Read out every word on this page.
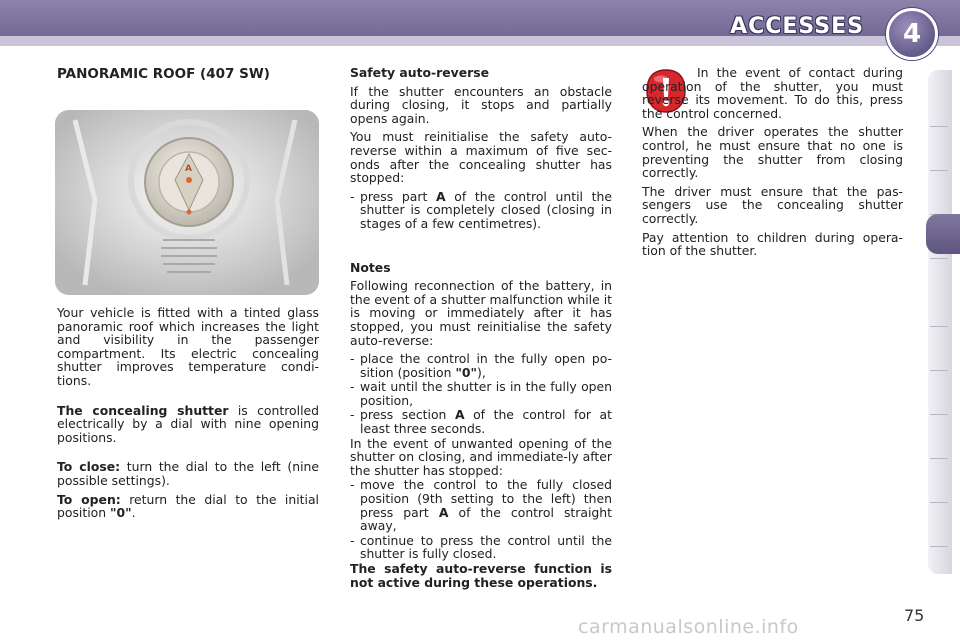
ACCESSES	4
PANORAMIC ROOF (407 SW)
A

Your vehicle is fitted with a tinted glass panoramic roof which increases the light and visibility in the passenger compartment. Its electric concealing shutter improves temperature condi-tions.

The concealing shutter is controlled electrically by a dial with nine opening positions.

To close: turn the dial to the left (nine possible settings).

To open: return the dial to the initial position "0".

Safety auto-reverse

If the shutter encounters an obstacle during closing, it stops and partially opens again.

You must reinitialise the safety auto-reverse within a maximum of five sec-onds after the concealing shutter has stopped:

- press part A of the control until the shutter is completely closed (closing in stages of a few centimetres).

Notes

Following reconnection of the battery, in the event of a shutter malfunction while it is moving or immediately after it has stopped, you must reinitialise the safety auto-reverse:

- place the control in the fully open po-sition (position "0"),
- wait until the shutter is in the fully open position,
- press section A of the control for at least three seconds.

In the event of unwanted opening of the shutter on closing, and immediate-ly after the shutter has stopped:

- move the control to the fully closed position (9th setting to the left) then press part A of the control straight away,
- continue to press the control until the shutter is fully closed.

The safety auto-reverse function is not active during these operations.

In the event of contact during operation of the shutter, you must reverse its movement. To do this, press the control concerned.

When the driver operates the shutter control, he must ensure that no one is preventing the shutter from closing correctly.

The driver must ensure that the pas-sengers use the concealing shutter correctly.

Pay attention to children during opera-tion of the shutter.

75
carmanualsonline.info
